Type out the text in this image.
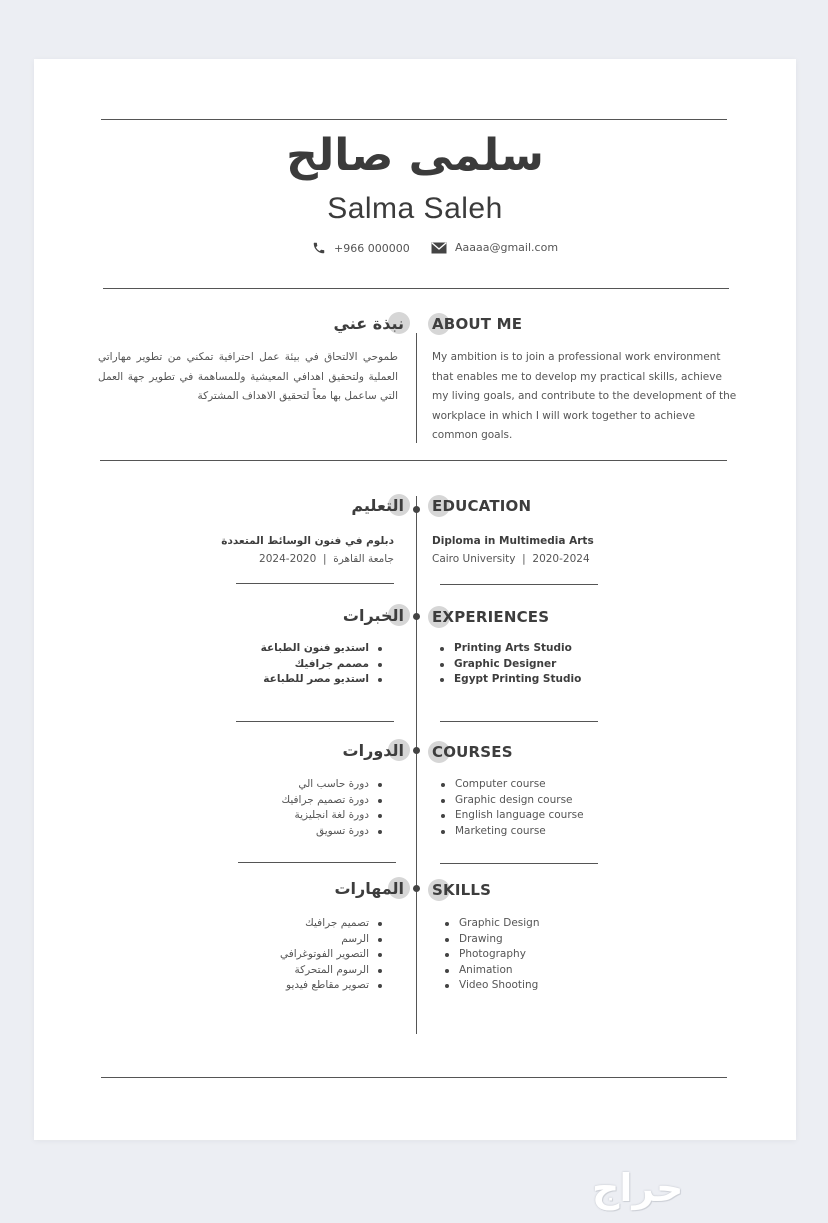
سلمى صالح
Salma Saleh
+966 000000	Aaaaa@gmail.com
ABOUT ME
نبذة عني
My ambition is to join a professional work environment that enables me to develop my practical skills, achieve my living goals, and contribute to the development of the workplace in which I will work together to achieve common goals.
طموحي الالتحاق في بيئة عمل احترافية تمكني من تطوير مهاراتي العملية ولتحقيق اهدافي المعيشية وللمساهمة في تطوير جهة العمل التي ساعمل بها معاً لتحقيق الاهداف المشتركة
EDUCATION
التعليم
Diploma in Multimedia Arts
Cairo University  |  2020-2024
دبلوم في فنون الوسائط المتعددة
جامعة القاهرة  |  2020-2024
EXPERIENCES
الخبرات
Printing Arts Studio
Graphic Designer
Egypt Printing Studio
استديو فنون الطباعة
مصمم جرافيك
استديو مصر للطباعة
COURSES
الدورات
Computer course
Graphic design course
English language course
Marketing course
دورة حاسب الي
دورة تصميم جرافيك
دورة لغة انجليزية
دورة تسويق
SKILLS
المهارات
Graphic Design
Drawing
Photography
Animation
Video Shooting
تصميم جرافيك
الرسم
التصوير الفوتوغرافي
الرسوم المتحركة
تصوير مقاطع فيديو
حراج
